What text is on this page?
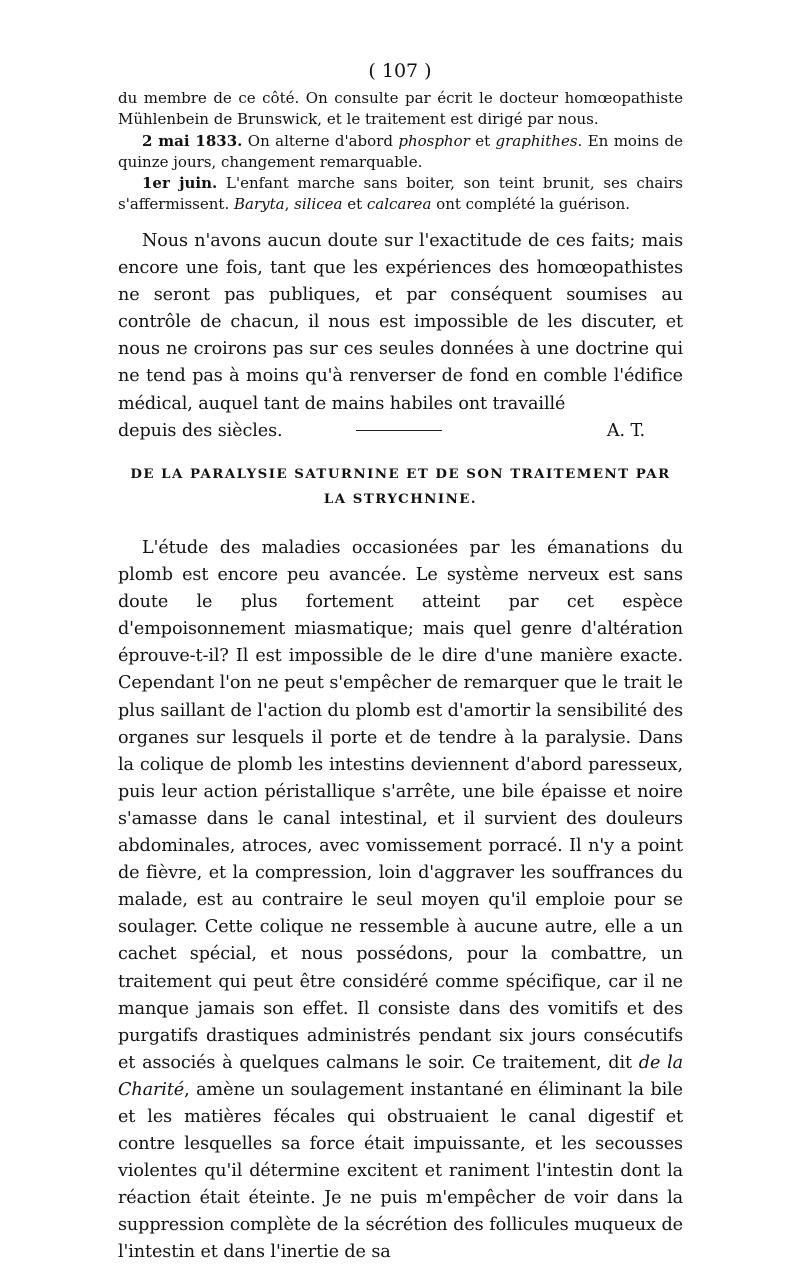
( 107 )

du membre de ce côté. On consulte par écrit le docteur homœopathiste Mühlenbein de Brunswick, et le traitement est dirigé par nous.

2 mai 1833. On alterne d'abord phosphor et graphithes. En moins de quinze jours, changement remarquable.

1er juin. L'enfant marche sans boiter, son teint brunit, ses chairs s'affermissent. Baryta, silicea et calcarea ont complété la guérison.

Nous n'avons aucun doute sur l'exactitude de ces faits; mais encore une fois, tant que les expériences des homœopathistes ne seront pas publiques, et par conséquent soumises au contrôle de chacun, il nous est impossible de les discuter, et nous ne croirons pas sur ces seules données à une doctrine qui ne tend pas à moins qu'à renverser de fond en comble l'édifice médical, auquel tant de mains habiles ont travaillé

depuis des siècles.	A. T.
DE LA PARALYSIE SATURNINE ET DE SON TRAITEMENT PAR
LA STRYCHNINE.

L'étude des maladies occasionées par les émanations du plomb est encore peu avancée. Le système nerveux est sans doute le plus fortement atteint par cet espèce d'empoisonnement miasmatique; mais quel genre d'altération éprouve-t-il? Il est impossible de le dire d'une manière exacte. Cependant l'on ne peut s'empêcher de remarquer que le trait le plus saillant de l'action du plomb est d'amortir la sensibilité des organes sur lesquels il porte et de tendre à la paralysie. Dans la colique de plomb les intestins deviennent d'abord paresseux, puis leur action péristallique s'arrête, une bile épaisse et noire s'amasse dans le canal intestinal, et il survient des douleurs abdominales, atroces, avec vomissement porracé. Il n'y a point de fièvre, et la compression, loin d'aggraver les souffrances du malade, est au contraire le seul moyen qu'il emploie pour se soulager. Cette colique ne ressemble à aucune autre, elle a un cachet spécial, et nous possédons, pour la combattre, un traitement qui peut être considéré comme spécifique, car il ne manque jamais son effet. Il consiste dans des vomitifs et des purgatifs drastiques administrés pendant six jours consécutifs et associés à quelques calmans le soir. Ce traitement, dit de la Charité, amène un soulagement instantané en éliminant la bile et les matières fécales qui obstruaient le canal digestif et contre lesquelles sa force était impuissante, et les secousses violentes qu'il détermine excitent et raniment l'intestin dont la réaction était éteinte. Je ne puis m'empêcher de voir dans la suppression complète de la sécrétion des follicules muqueux de l'intestin et dans l'inertie de sa
